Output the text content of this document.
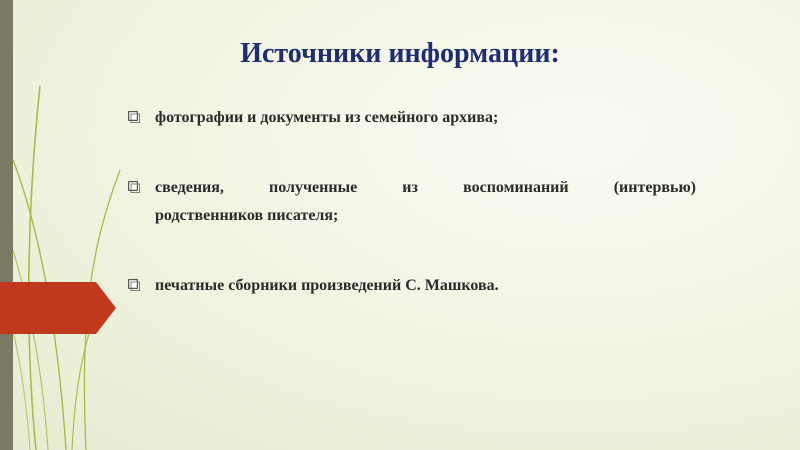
Источники информации:
фотографии и документы из семейного архива;
сведения, полученные из воспоминаний (интервью)
родственников писателя;
печатные сборники произведений С. Машкова.
